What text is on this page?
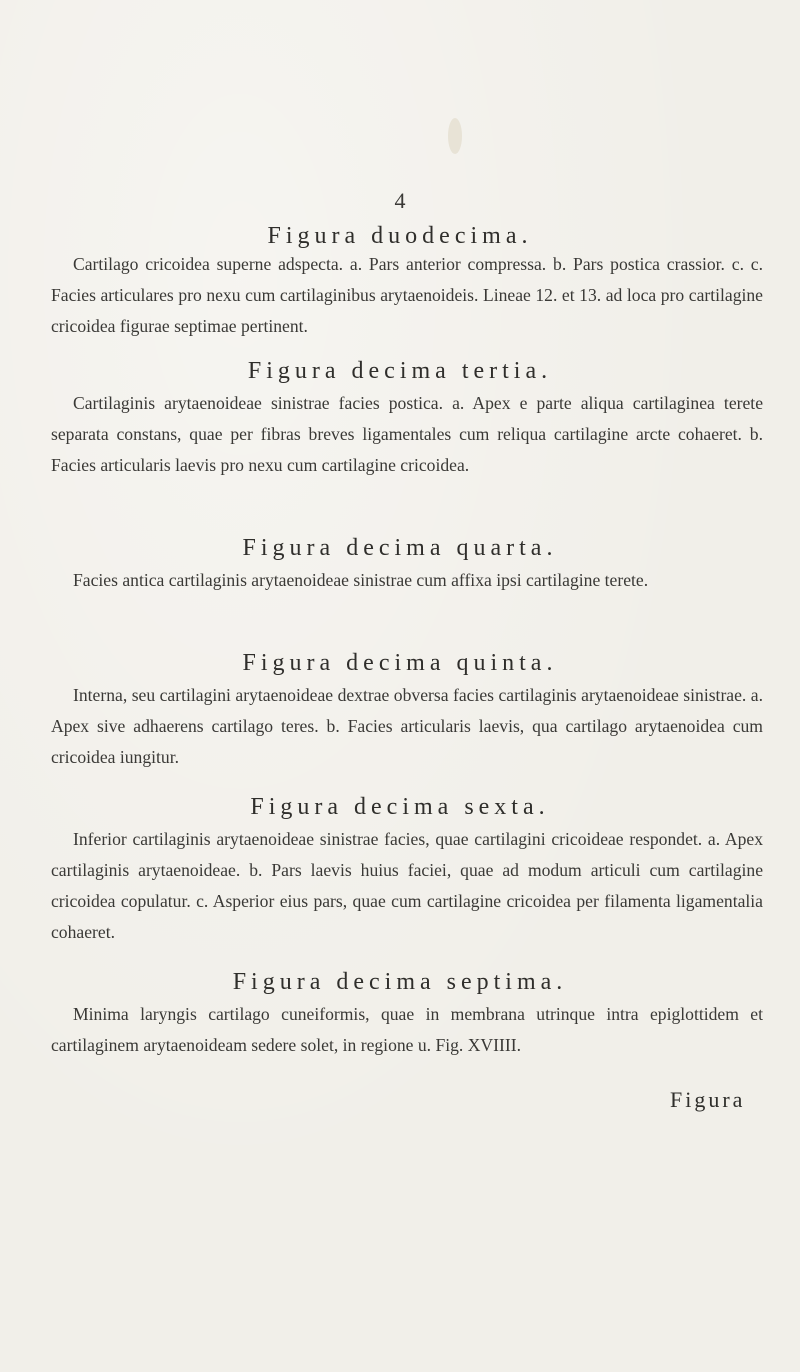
4
Figura duodecima.

Cartilago cricoidea superne adspecta. a. Pars anterior compressa. b. Pars postica crassior. c. c. Facies articulares pro nexu cum cartilaginibus arytaenoideis. Lineae 12. et 13. ad loca pro cartilagine cricoidea figurae septimae pertinent.

Figura decima tertia.

Cartilaginis arytaenoideae sinistrae facies postica. a. Apex e parte aliqua cartilaginea terete separata constans, quae per fibras breves ligamentales cum reliqua cartilagine arcte cohaeret. b. Facies articularis laevis pro nexu cum cartilagine cricoidea.

Figura decima quarta.

Facies antica cartilaginis arytaenoideae sinistrae cum affixa ipsi cartilagine terete.

Figura decima quinta.

Interna, seu cartilagini arytaenoideae dextrae obversa facies cartilaginis arytaenoideae sinistrae. a. Apex sive adhaerens cartilago teres. b. Facies articularis laevis, qua cartilago arytaenoidea cum cricoidea iungitur.

Figura decima sexta.

Inferior cartilaginis arytaenoideae sinistrae facies, quae cartilagini cricoideae respondet. a. Apex cartilaginis arytaenoideae. b. Pars laevis huius faciei, quae ad modum articuli cum cartilagine cricoidea copulatur. c. Asperior eius pars, quae cum cartilagine cricoidea per filamenta ligamentalia cohaeret.

Figura decima septima.

Minima laryngis cartilago cuneiformis, quae in membrana utrinque intra epiglottidem et cartilaginem arytaenoideam sedere solet, in regione u. Fig. XVIIII.

Figura
